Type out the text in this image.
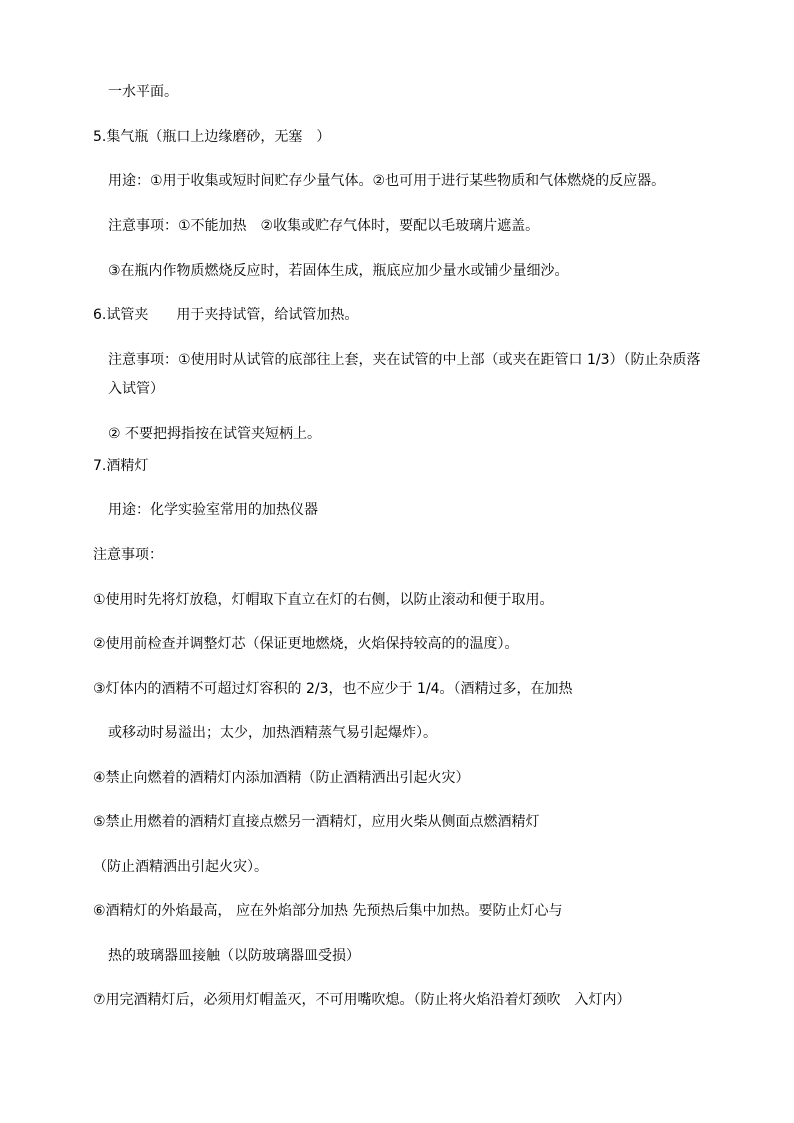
一水平面。
5.集气瓶（瓶口上边缘磨砂，无塞　）
用途：①用于收集或短时间贮存少量气体。②也可用于进行某些物质和气体燃烧的反应器。
注意事项：①不能加热　②收集或贮存气体时，要配以毛玻璃片遮盖。
③在瓶内作物质燃烧反应时，若固体生成，瓶底应加少量水或铺少量细沙。
6.试管夹　　用于夹持试管，给试管加热。
注意事项：①使用时从试管的底部往上套，夹在试管的中上部（或夹在距管口 1/3）（防止杂质落
入试管）
② 不要把拇指按在试管夹短柄上。
7.酒精灯
用途：化学实验室常用的加热仪器
注意事项：
①使用时先将灯放稳，灯帽取下直立在灯的右侧，以防止滚动和便于取用。
②使用前检查并调整灯芯（保证更地燃烧，火焰保持较高的的温度）。
③灯体内的酒精不可超过灯容积的 2/3，也不应少于 1/4。（酒精过多，在加热
或移动时易溢出；太少，加热酒精蒸气易引起爆炸）。
④禁止向燃着的酒精灯内添加酒精（防止酒精洒出引起火灾）
⑤禁止用燃着的酒精灯直接点燃另一酒精灯，应用火柴从侧面点燃酒精灯
（防止酒精洒出引起火灾）。
⑥酒精灯的外焰最高， 应在外焰部分加热 先预热后集中加热。要防止灯心与
热的玻璃器皿接触（以防玻璃器皿受损）
⑦用完酒精灯后，必须用灯帽盖灭，不可用嘴吹熄。（防止将火焰沿着灯颈吹　入灯内）
